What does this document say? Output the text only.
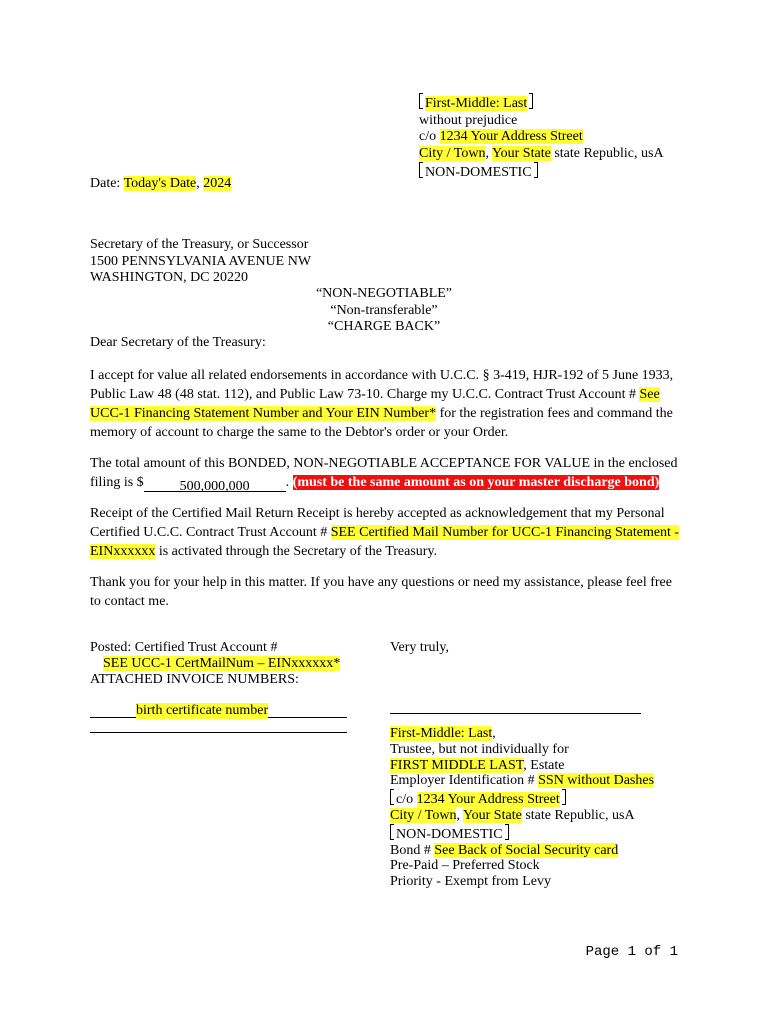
First-Middle: Last
without prejudice
c/o 1234 Your Address Street
City / Town, Your State state Republic, usA
NON-DOMESTIC
Date: Today's Date, 2024
Secretary of the Treasury, or Successor
1500 PENNSYLVANIA AVENUE NW
WASHINGTON, DC 20220
“NON-NEGOTIABLE”
“Non-transferable”
“CHARGE BACK”
Dear Secretary of the Treasury:
I accept for value all related endorsements in accordance with U.C.C. § 3-419, HJR-192 of 5 June 1933,
Public Law 48 (48 stat. 112), and Public Law 73-10. Charge my U.C.C. Contract Trust Account # See
UCC-1 Financing Statement Number and Your EIN Number* for the registration fees and command the
memory of account to charge the same to the Debtor's order or your Order.
The total amount of this BONDED, NON-NEGOTIABLE ACCEPTANCE FOR VALUE in the enclosed
filing is $	500,000,000	. (must be the same amount as on your master discharge bond)
Receipt of the Certified Mail Return Receipt is hereby accepted as acknowledgement that my Personal
Certified U.C.C. Contract Trust Account # SEE Certified Mail Number for UCC-1 Financing Statement -
EINxxxxxx is activated through the Secretary of the Treasury.
Thank you for your help in this matter. If you have any questions or need my assistance, please feel free
to contact me.
Posted: Certified Trust Account #
SEE UCC-1 CertMailNum – EINxxxxxx*
ATTACHED INVOICE NUMBERS:
birth certificate number
Very truly,
First-Middle: Last,
Trustee, but not individually for
FIRST MIDDLE LAST, Estate
Employer Identification # SSN without Dashes
c/o 1234 Your Address Street
City / Town, Your State state Republic, usA
NON-DOMESTIC
Bond # See Back of Social Security card
Pre-Paid – Preferred Stock
Priority - Exempt from Levy
Page 1 of 1
